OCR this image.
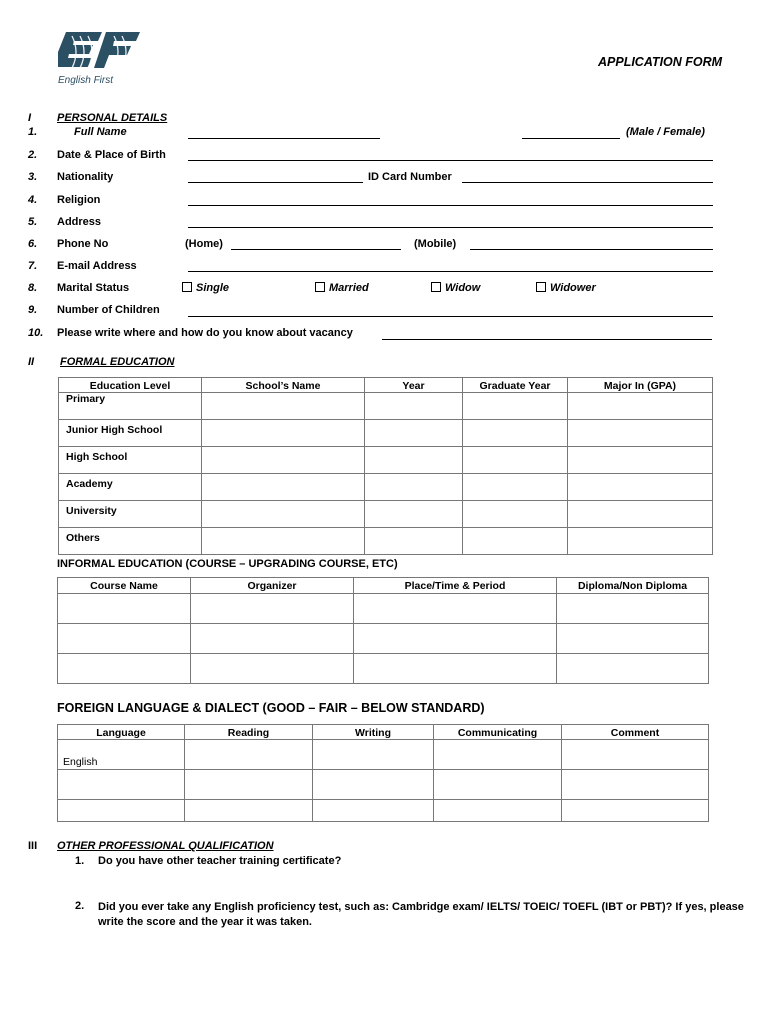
English First
APPLICATION FORM
I PERSONAL DETAILS
1.	Full Name	(Male / Female)
2. Date & Place of Birth
3. Nationality	ID Card Number
4. Religion
5. Address
6. Phone No	(Home)	(Mobile)
7. E-mail Address
8. Marital Status	Single	Married	Widow	Widower
9. Number of Children
10. Please write where and how do you know about vacancy
II FORMAL EDUCATION
Education Level	School’s Name	Year	Graduate Year	Major In (GPA)
Primary				
Junior High School				
High School				
Academy				
University				
Others				
INFORMAL EDUCATION (COURSE – UPGRADING COURSE, ETC)
Course Name	Organizer	Place/Time & Period	Diploma/Non Diploma

FOREIGN LANGUAGE & DIALECT (GOOD – FAIR – BELOW STANDARD)
Language	Reading	Writing	Communicating	Comment
English				

III OTHER PROFESSIONAL QUALIFICATION
1. Do you have other teacher training certificate?
2. Did you ever take any English proficiency test, such as: Cambridge exam/ IELTS/ TOEIC/ TOEFL (IBT or PBT)? If yes, please write the score and the year it was taken.
